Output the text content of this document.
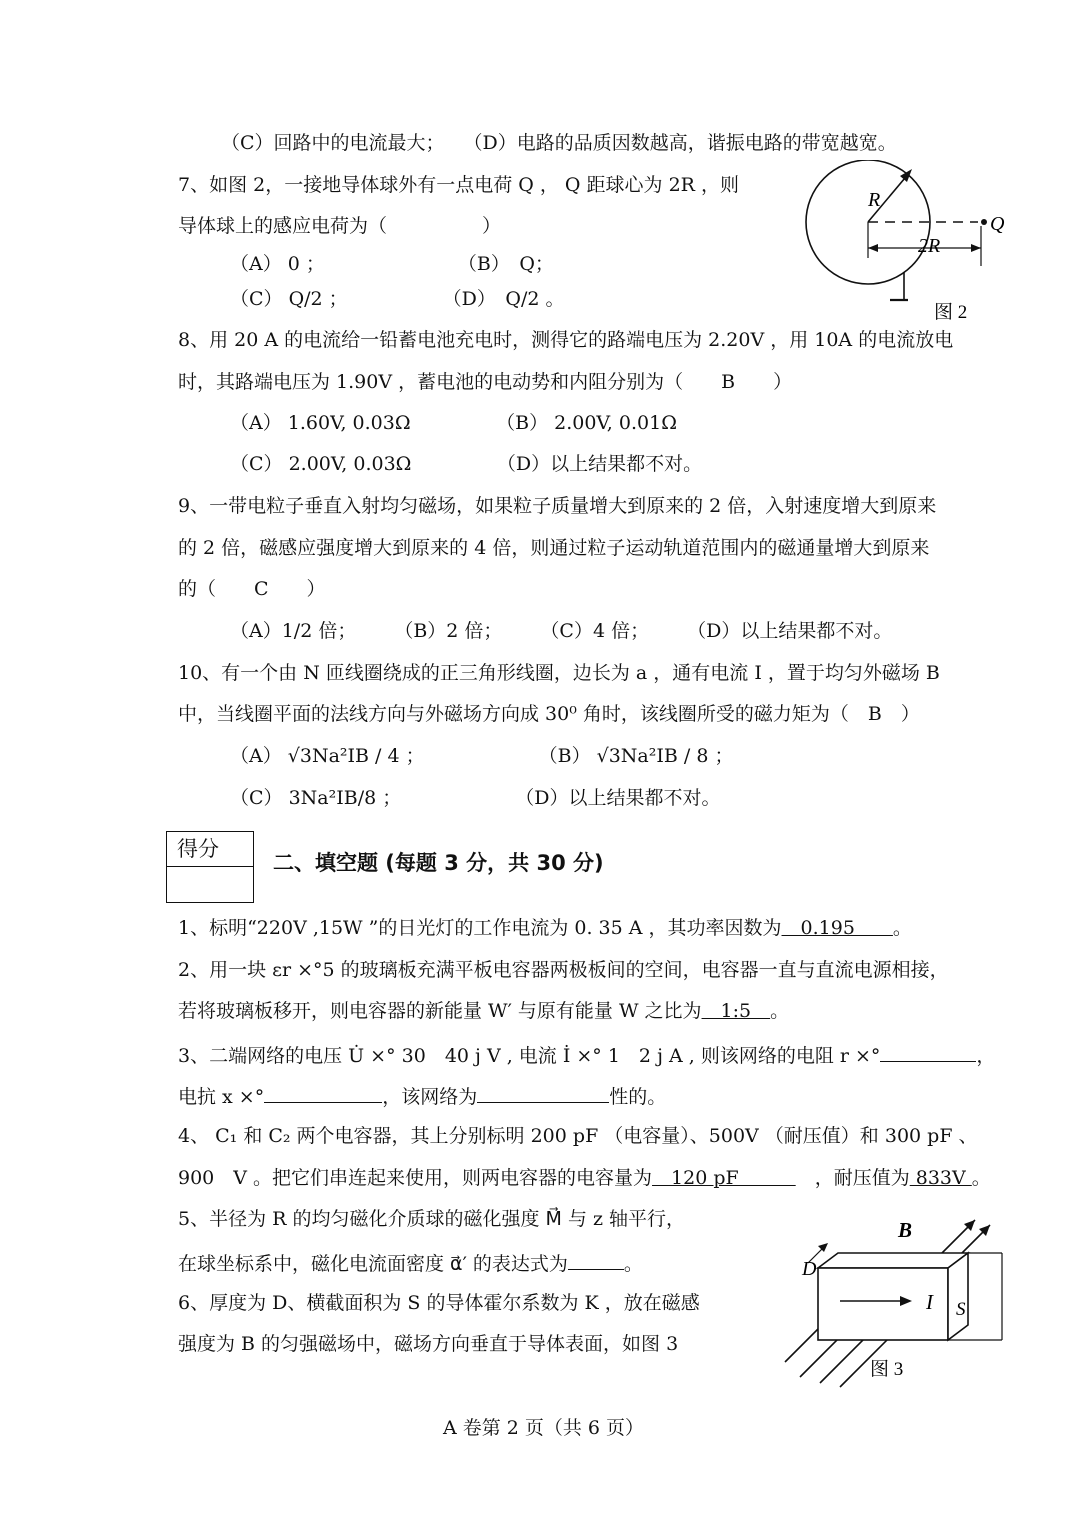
（C）回路中的电流最大；　　（D）电路的品质因数越高，谐振电路的带宽越宽。
7、如图 2，一接地导体球外有一点电荷 Q ， Q 距球心为 2R ，则
导体球上的感应电荷为（　　　　　）
（A） 0 ；　　　　　　　　（B）　Q；
（C） Q/2 ；　　　　　　（D）　Q/2 。
R
2R
Q
图 2
8、用 20 A 的电流给一铅蓄电池充电时，测得它的路端电压为 2.20V ，用 10A 的电流放电
时，其路端电压为 1.90V ，蓄电池的电动势和内阻分别为（　　B　　）
（A） 1.60V, 0.03Ω　　　　　（B） 2.00V, 0.01Ω
（C） 2.00V, 0.03Ω　　　　　（D）以上结果都不对。
9、一带电粒子垂直入射均匀磁场，如果粒子质量增大到原来的 2 倍，入射速度增大到原来
的 2 倍，磁感应强度增大到原来的 4 倍，则通过粒子运动轨道范围内的磁通量增大到原来
的（　　C　　）
（A）1/2 倍；　　　（B）2 倍；　　　（C）4 倍；　　　（D）以上结果都不对。
10、有一个由 N 匝线圈绕成的正三角形线圈，边长为 a ，通有电流 I ，置于均匀外磁场 B
中，当线圈平面的法线方向与外磁场方向成 30⁰ 角时，该线圈所受的磁力矩为（　B　）
（A） √3Na²IB / 4 ；　　　　　　　（B） √3Na²IB / 8 ；
（C） 3Na²IB/8 ；　　　　　　　（D）以上结果都不对。
得分
二、填空题 (每题 3 分，共 30 分)
1、标明“220V ,15W ”的日光灯的工作电流为 0. 35 A ，其功率因数为　0.195　　。
2、用一块 εr ×°5 的玻璃板充满平板电容器两极板间的空间，电容器一直与直流电源相接，
若将玻璃板移开，则电容器的新能量 W′ 与原有能量 W 之比为　1:5　。
3、二端网络的电压 U̇ ×° 30　40 j V , 电流 İ ×° 1　2 j A , 则该网络的电阻 r ×°	，
电抗 x ×°	，该网络为	性的。
4、 C₁ 和 C₂ 两个电容器，其上分别标明 200 pF （电容量）、500V （耐压值）和 300 pF 、
900　V 。把它们串连起来使用，则两电容器的电容量为　120 pF　　　　，耐压值为 833V 。
5、半径为 R 的均匀磁化介质球的磁化强度 M⃗ 与 z 轴平行，
在球坐标系中，磁化电流面密度 α⃗′ 的表达式为	。
6、厚度为 D、横截面积为 S 的导体霍尔系数为 K ，放在磁感
强度为 B 的匀强磁场中，磁场方向垂直于导体表面，如图 3
B
D
I S
图 3
A 卷第 2 页（共 6 页）
